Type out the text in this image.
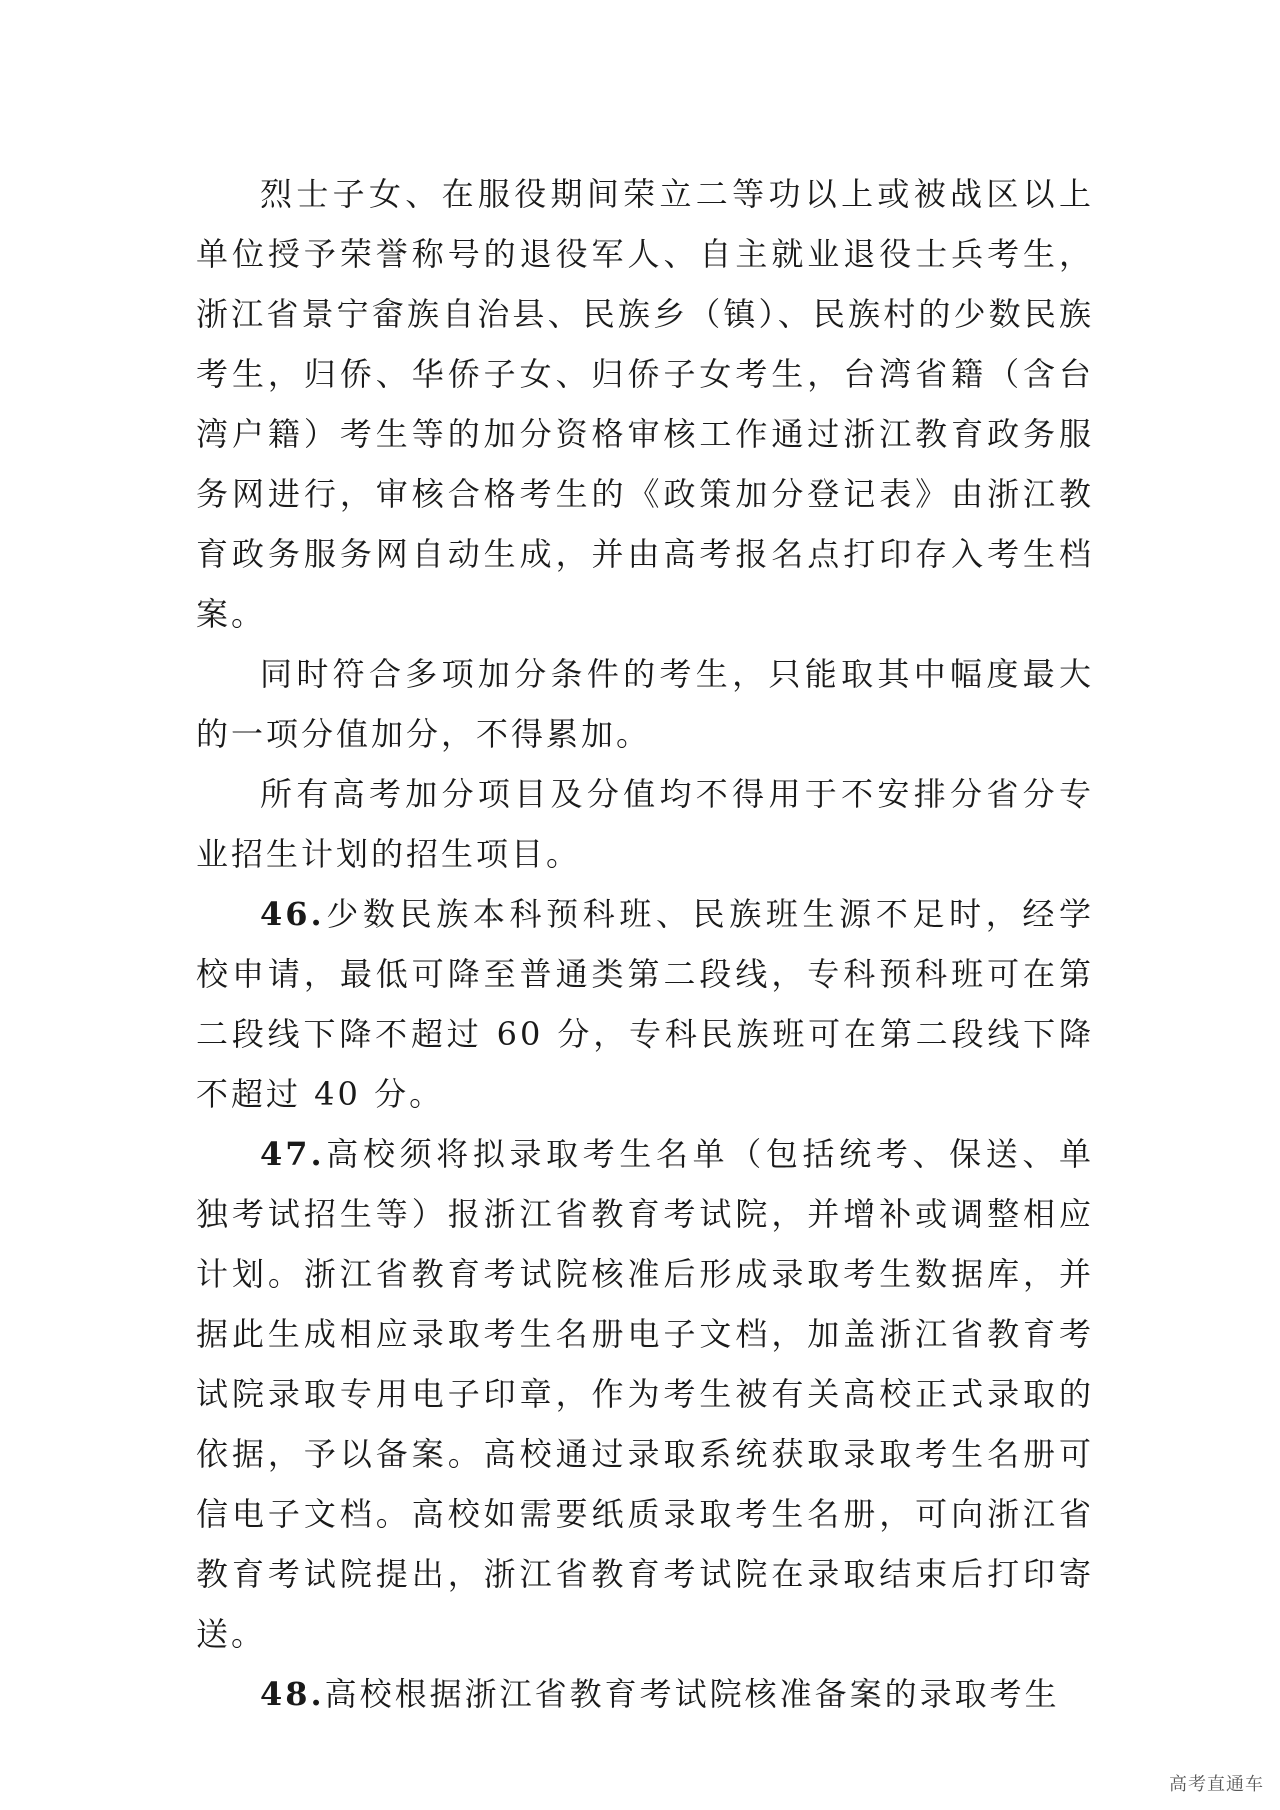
烈士子女、在服役期间荣立二等功以上或被战区以上单位授予荣誉称号的退役军人、自主就业退役士兵考生，浙江省景宁畲族自治县、民族乡（镇）、民族村的少数民族考生，归侨、华侨子女、归侨子女考生，台湾省籍（含台湾户籍）考生等的加分资格审核工作通过浙江教育政务服务网进行，审核合格考生的《政策加分登记表》由浙江教育政务服务网自动生成，并由高考报名点打印存入考生档案。

同时符合多项加分条件的考生，只能取其中幅度最大的一项分值加分，不得累加。

所有高考加分项目及分值均不得用于不安排分省分专业招生计划的招生项目。

46.少数民族本科预科班、民族班生源不足时，经学校申请，最低可降至普通类第二段线，专科预科班可在第二段线下降不超过 60 分，专科民族班可在第二段线下降不超过 40 分。

47.高校须将拟录取考生名单（包括统考、保送、单独考试招生等）报浙江省教育考试院，并增补或调整相应计划。浙江省教育考试院核准后形成录取考生数据库，并据此生成相应录取考生名册电子文档，加盖浙江省教育考试院录取专用电子印章，作为考生被有关高校正式录取的依据，予以备案。高校通过录取系统获取录取考生名册可信电子文档。高校如需要纸质录取考生名册，可向浙江省教育考试院提出，浙江省教育考试院在录取结束后打印寄送。

48.高校根据浙江省教育考试院核准备案的录取考生

高考直通车
